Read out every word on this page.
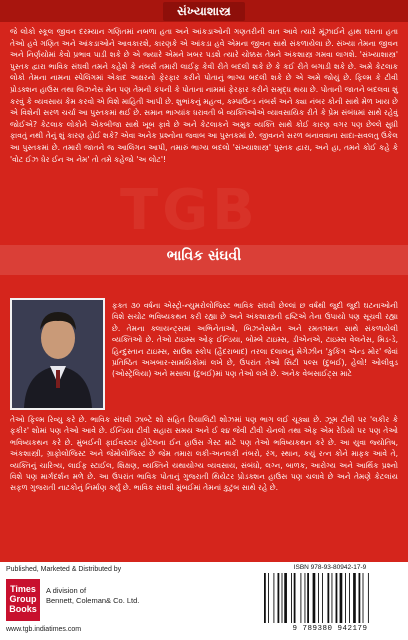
સંખ્યાશાસ્ત્ર

જે લોકો સ્કૂલ જીવન દરમ્યાન ગણિતમાં નબળા હતા અને આંકડાઓની ગણતરીની વાત આવે ત્યારે મૂંઝાઈને હાથ ઘસતા હતા તેઓ હવે ગણિત અને આંકડાઓને આવકારશે, કારણકે એ આંકડા હવે એમના જીવન સાથે સંકળાયેલા છે. સંખ્યા તેમના જીવન અને નિર્ણયોમાં કેવો પ્રભાવ પાડી શકે છે એ જ્યારે એમને ખબર પડશે ત્યારે ચોક્કસ તેમને અંકશાસ્ત્ર ગમવા લાગશે. 'સંખ્યાશાસ્ત્ર' પુસ્તક દ્વારા ભાવિક સંઘવી તમને કહેશે કે નંબર્સ તમારી લાઈફ કેવી રીતે બદલી શકે છે કે કઈ રીતે બગાડી શકે છે. અમે કેટલાક લોકો તેમના નામના સ્પેલિંગમાં એકાદ અક્ષરનો ફેરફાર કરીને પોતાનું ભાગ્ય બદલી શકે છે એ અમે જોયું છે. ફિલ્મ કે ટીવી પ્રોડક્શન હાઉસ તથા બિઝનેસ મેન પણ તેમની કંપની કે પોતાના નામમાં ફેરફાર કરીને સમૃદ્ધ થયા છે. પોતાની જાતને બદલવા શું કરવું કે વ્યવસાય કેમ કરવો એ વિશે માહિતી આપી છે. શુભાંકનું મહત્વ, કમ્પાઉન્ડ નંબર્સ અને ક્યા નંબર કોની સાથે મેળ ખાય છે એ વિશેની સરળ ચર્ચા આ પુસ્તકમાં થઈ છે. સમાન ભાગ્યાંક ધરાવતી બે વ્યક્તિઓએ વ્યાવસાયિક રીતે કે પ્રેમ સંબંધમાં સાથે રહેવું જોઈએ? કેટલાક લોકોને એકબીજા સાથે ખૂબ ફાવે છે અને કેટલાકને અમુક વ્યક્તિ સાથે કોઈ કારણ વગર પણ છેલ્લે સુધી ફાવતું નથી તેનું શું કારણ હોઈ શકે? એવા અનેક પ્રશ્નોના જવાબ આ પુસ્તકમાં છે. જીવનને સરળ બનાવવાના સાદા-સવલતુ ઉકેલ આ પુસ્તકમાં છે. તમારી જાતને જ આલિંગન આપી, તમારું ભાગ્ય બદલો 'સંખ્યાશાસ્ત્ર' પુસ્તક દ્વારા, અને હા, તમને કોઈ કહે કે 'વોટ ઈઝ ધેર ઈન અ નેમ' તો તમે કહેજો 'અ લોટ'!

TGB
ભાવિક સંઘવી

ફક્ત ૩૦ વર્ષના એસ્ટ્રો-ન્યુમરોલોજિસ્ટ ભાવિક સંઘવી છેલ્લાં છ વર્ષથી જુદી જુદી ઘટનાઓની વિશે સચોટ ભવિષ્યકથન કરી રહ્યા છે અને અંકશાસ્ત્રની દ્રષ્ટિએ તેના ઉપાયો પણ સૂચવી રહ્યા છે. તેમના ક્લાયન્ટ્સમાં અભિનેતાઓ, બિઝનેસમેન અને રમતગમત સાથે સંકળાયેલી વ્યક્તિઓ છે. તેઓ ટાઇમ્સ ઓફ ઈન્ડિયા, બોમ્બે ટાઇમ્સ, ડીએનએ, ટાઇમ્સ વેલનેસ, મિડ-ડે, હિન્દુસ્તાન ટાઇમ્સ, સાઉથ સ્કોપ (હૈદરાબાદ) તરલા દલાલનું મેગેઝીન 'કુકિંગ એન્ડ મોર' જેવાં પ્રતિષ્ઠિત અખબાર-સામયિકોમાં લખે છે, ઉપરાંત તેઓ સિટી પલ્સ (દુબઈ), હેલો! ઓલીવુડ (ઓસ્ટ્રેલિયા) અને મસાલા (દુબઈ)માં પણ તેઓ લખે છે. અનેક વેબસાઈટ્સ માટે

તેઓ ફિલ્મ રિવ્યુ કરે છે. ભાવિક સંઘવી ઝાબ્ટે શો સહિત રિયાલિટી શોઝમાં પણ ભાગ લઈ ચૂક્યા છે. ઝૂમ ટીવી પર 'લકીર કે ફકીર' શોમાં પણ તેઓ આવે છે. ઈન્ડિયા ટીવી સહારા સમય અને ઈ ૨૪ જેવી ટીવી ચેનલો તથા એફ એમ રેડિયો પર પણ તેઓ ભવિષ્યકથન કરે છે. મુંબઈની ફાઈવસ્ટાર હોટેલના ઈન હાઉસ ગેસ્ટ માટે પણ તેઓ ભવિષ્યકથન કરે છે. આ યુવા જ્યોતિષ, અંકશાસ્ત્રી, ગ્રાફોલોજિસ્ટ અને જેમોલોજિસ્ટ છે જેમ તમારા લકી-અનલકી નંબરો, રંગ, સ્થાન, કયું રત્ન કોને માફક આવે તે, વ્યક્તિનું ચારિત્ર્ય, લાઈફ સ્ટાઈલ, શિક્ષણ, વ્યક્તિને યથાયોગ્ય વ્યવસાય, સંબંધો, લગ્ન, બાળક, આરોગ્ય અને આર્થિક પ્રશ્નો વિશે પણ માર્ગદર્શન મળે છે. આ ઉપરાંત ભાવિક પોતાનું ગુજરાતી થિયેટર પ્રોડક્શન હાઉસ પણ ચલાવે છે અને તેમણે કેટલાંય સફળ ગુજરાતી નાટકોનું નિર્માણ કર્યું છે. ભાવિક સંઘવી મુંબઈમાં તેમનાં કુટુંબ સાથે રહે છે.

Published, Marketed & Distributed by
Times
Group
Books
A division of
Bennett, Coleman& Co. Ltd.
www.tgb.indiatimes.com
ISBN 978-93-80942-17-9
9 789380 942179
